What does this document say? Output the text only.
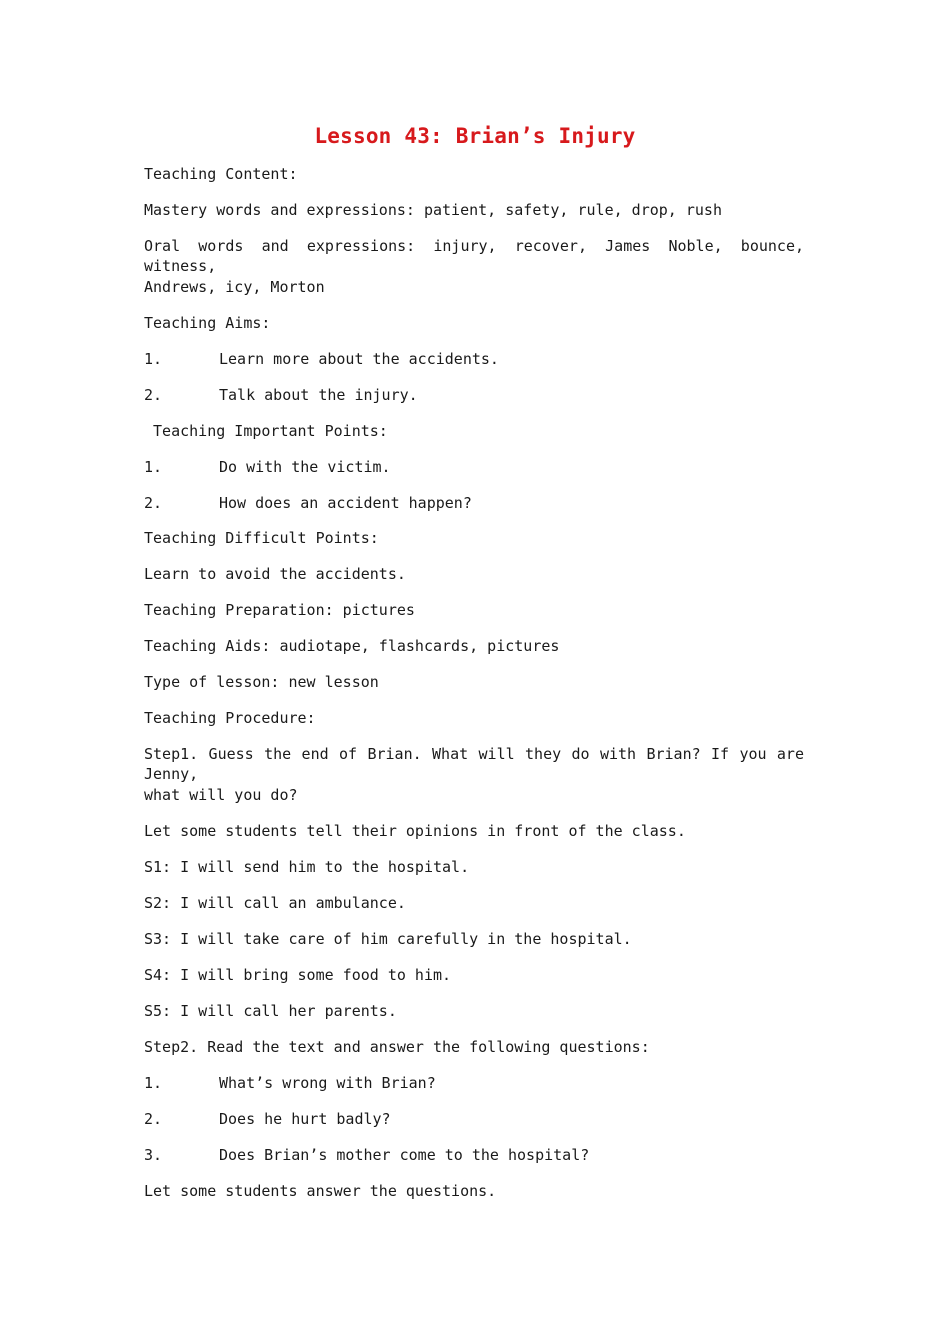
Lesson 43: Brian’s Injury
Teaching Content:
Mastery words and expressions: patient, safety, rule, drop, rush
Oral words and expressions: injury, recover, James Noble, bounce, witness,
Andrews, icy, Morton
Teaching Aims:
1.	Learn more about the accidents.
2.	Talk about the injury.
Teaching Important Points:
1.	Do with the victim.
2.	How does an accident happen?
Teaching Difficult Points:
Learn to avoid the accidents.
Teaching Preparation: pictures
Teaching Aids: audiotape, flashcards, pictures
Type of lesson: new lesson
Teaching Procedure:
Step1. Guess the end of Brian. What will they do with Brian? If you are Jenny,
what will you do?
Let some students tell their opinions in front of the class.
S1: I will send him to the hospital.
S2: I will call an ambulance.
S3: I will take care of him carefully in the hospital.
S4: I will bring some food to him.
S5: I will call her parents.
Step2. Read the text and answer the following questions:
1.	What’s wrong with Brian?
2.	Does he hurt badly?
3.	Does Brian’s mother come to the hospital?
Let some students answer the questions.
